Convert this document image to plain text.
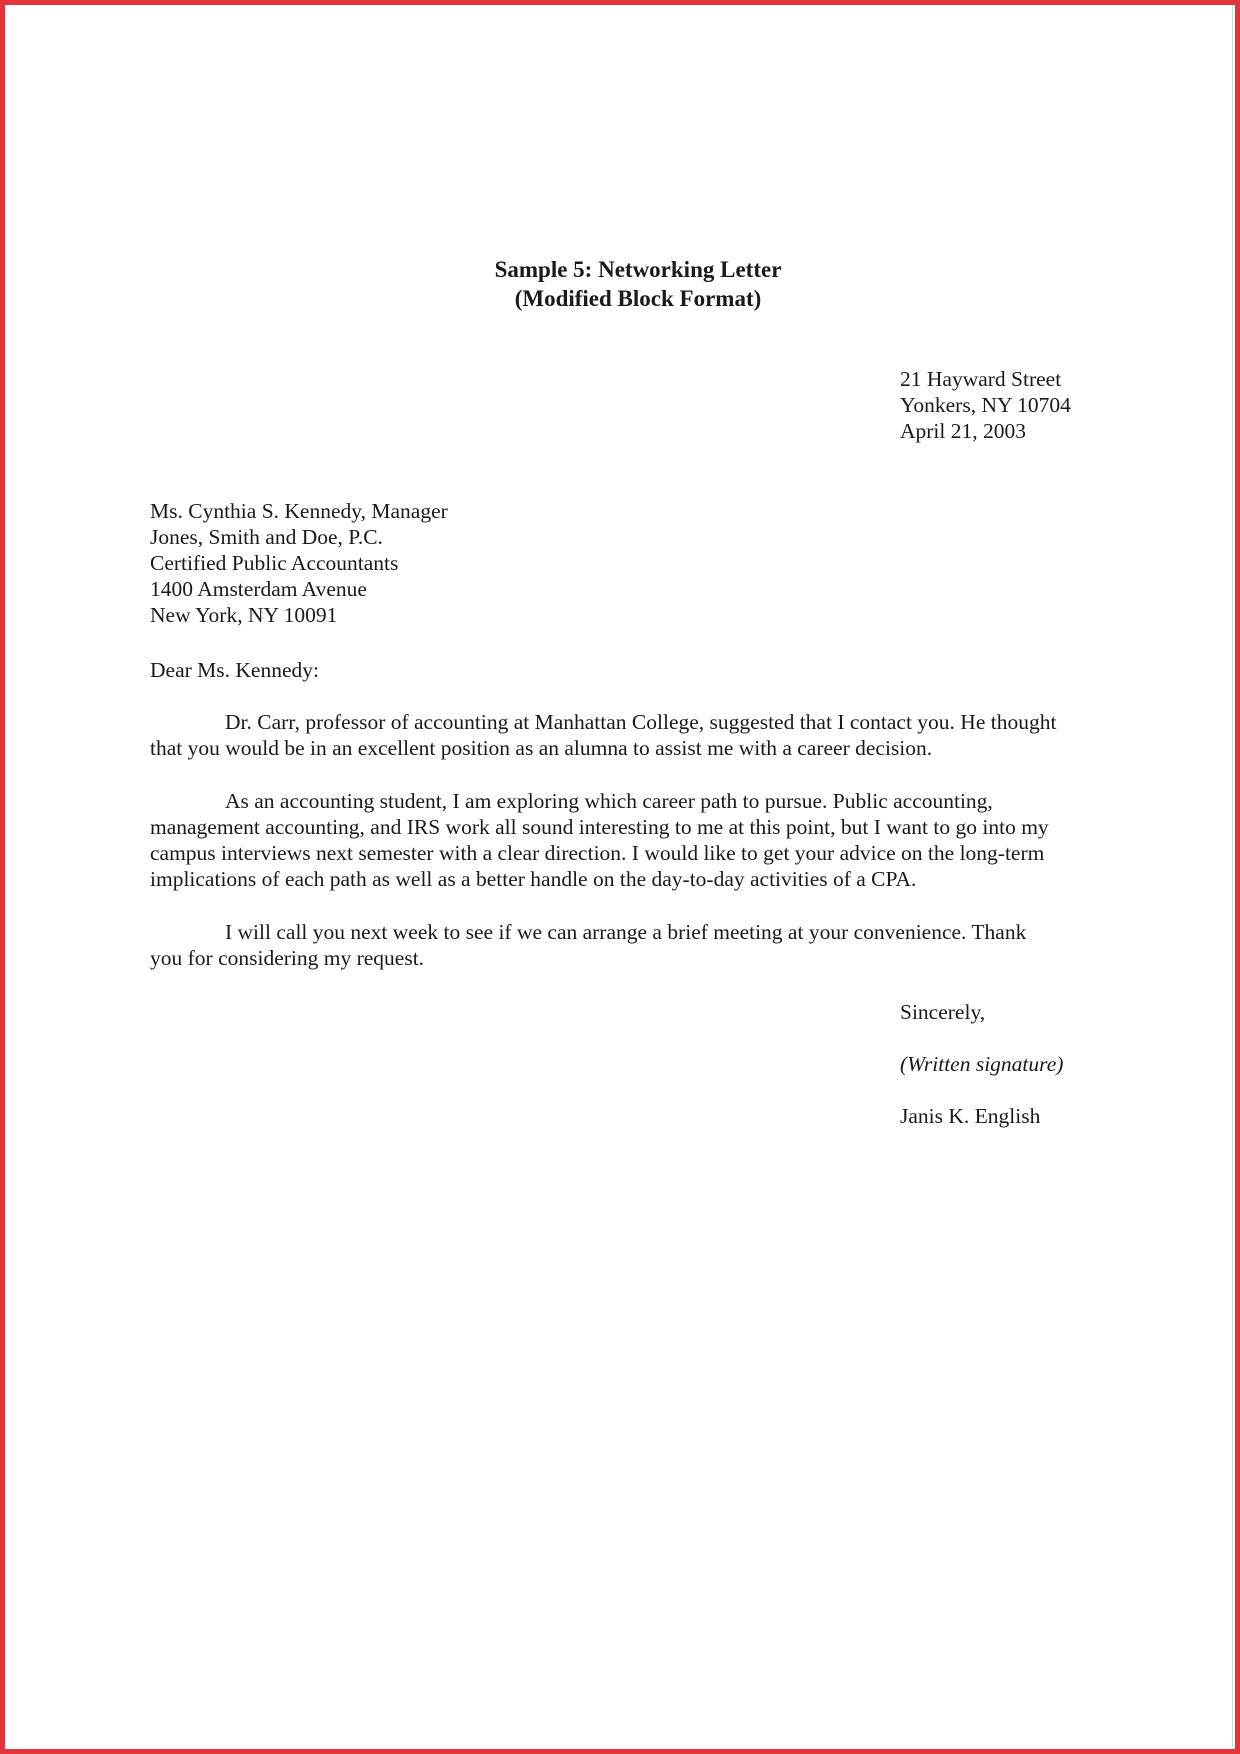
Sample 5: Networking Letter
(Modified Block Format)
21 Hayward Street
Yonkers, NY 10704
April 21, 2003
Ms. Cynthia S. Kennedy, Manager
Jones, Smith and Doe, P.C.
Certified Public Accountants
1400 Amsterdam Avenue
New York, NY 10091
Dear Ms. Kennedy:
Dr. Carr, professor of accounting at Manhattan College, suggested that I contact you. He thought
that you would be in an excellent position as an alumna to assist me with a career decision.
As an accounting student, I am exploring which career path to pursue. Public accounting,
management accounting, and IRS work all sound interesting to me at this point, but I want to go into my
campus interviews next semester with a clear direction. I would like to get your advice on the long-term
implications of each path as well as a better handle on the day-to-day activities of a CPA.
I will call you next week to see if we can arrange a brief meeting at your convenience. Thank
you for considering my request.
Sincerely,
(Written signature)
Janis K. English
